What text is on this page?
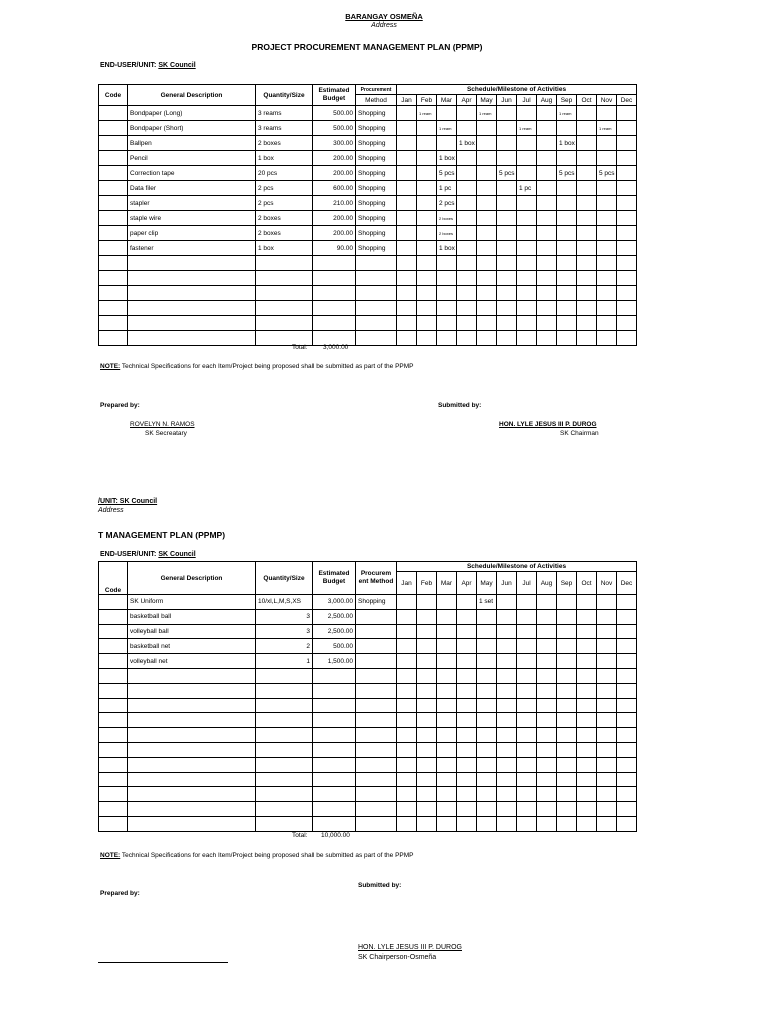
BARANGAY OSMEÑA
Address
PROJECT PROCUREMENT MANAGEMENT PLAN (PPMP)
END-USER/UNIT: SK Council
Code	General Description	Quantity/Size	Estimated Budget	Procurement	Schedule/Milestone of Activities											
				Method	Jan	Feb	Mar	Apr	May	Jun	Jul	Aug	Sep	Oct	Nov	Dec
	Bondpaper (Long)	3 reams	500.00	Shopping		1 ream			1 ream				1 ream			
	Bondpaper (Short)	3 reams	500.00	Shopping			1 ream				1 ream				1 ream	
	Ballpen	2 boxes	300.00	Shopping				1 box					1 box			
	Pencil	1 box	200.00	Shopping			1 box									
	Correction tape	20 pcs	200.00	Shopping			5 pcs			5 pcs			5 pcs		5 pcs	
	Data filer	2 pcs	600.00	Shopping			1 pc				1 pc					
	stapler	2 pcs	210.00	Shopping			2 pcs									
	staple wire	2 boxes	200.00	Shopping			2 boxes									
	paper clip	2 boxes	200.00	Shopping			2 boxes									
	fastener	1 box	90.00	Shopping			1 box									

Total: 3,000.00
NOTE: Technical Specifications for each Item/Project being proposed shall be submitted as part of the PPMP
Prepared by:	Submitted by:
ROVELYN N. RAMOS
SK Secreatary
HON. LYLE JESUS III P. DUROG
SK Chairman
/UNIT: SK Council
Address
T MANAGEMENT PLAN (PPMP)
END-USER/UNIT: SK Council
Code	General Description	Quantity/Size	Estimated Budget	Procurem ent Method	Schedule/Milestone of Activities											
					Jan	Feb	Mar	Apr	May	Jun	Jul	Aug	Sep	Oct	Nov	Dec
	SK Uniform	10/xl,L,M,S,XS	3,000.00	Shopping					1 set							
	basketball ball	3	2,500.00													
	volleyball ball	3	2,500.00													
	basketball net	2	500.00													
	volleyball net	1	1,500.00													

Total: 10,000.00
NOTE: Technical Specifications for each Item/Project being proposed shall be submitted as part of the PPMP
Submitted by:
Prepared by:
HON. LYLE JESUS III P. DUROG
SK Chairperson-Osmeña
